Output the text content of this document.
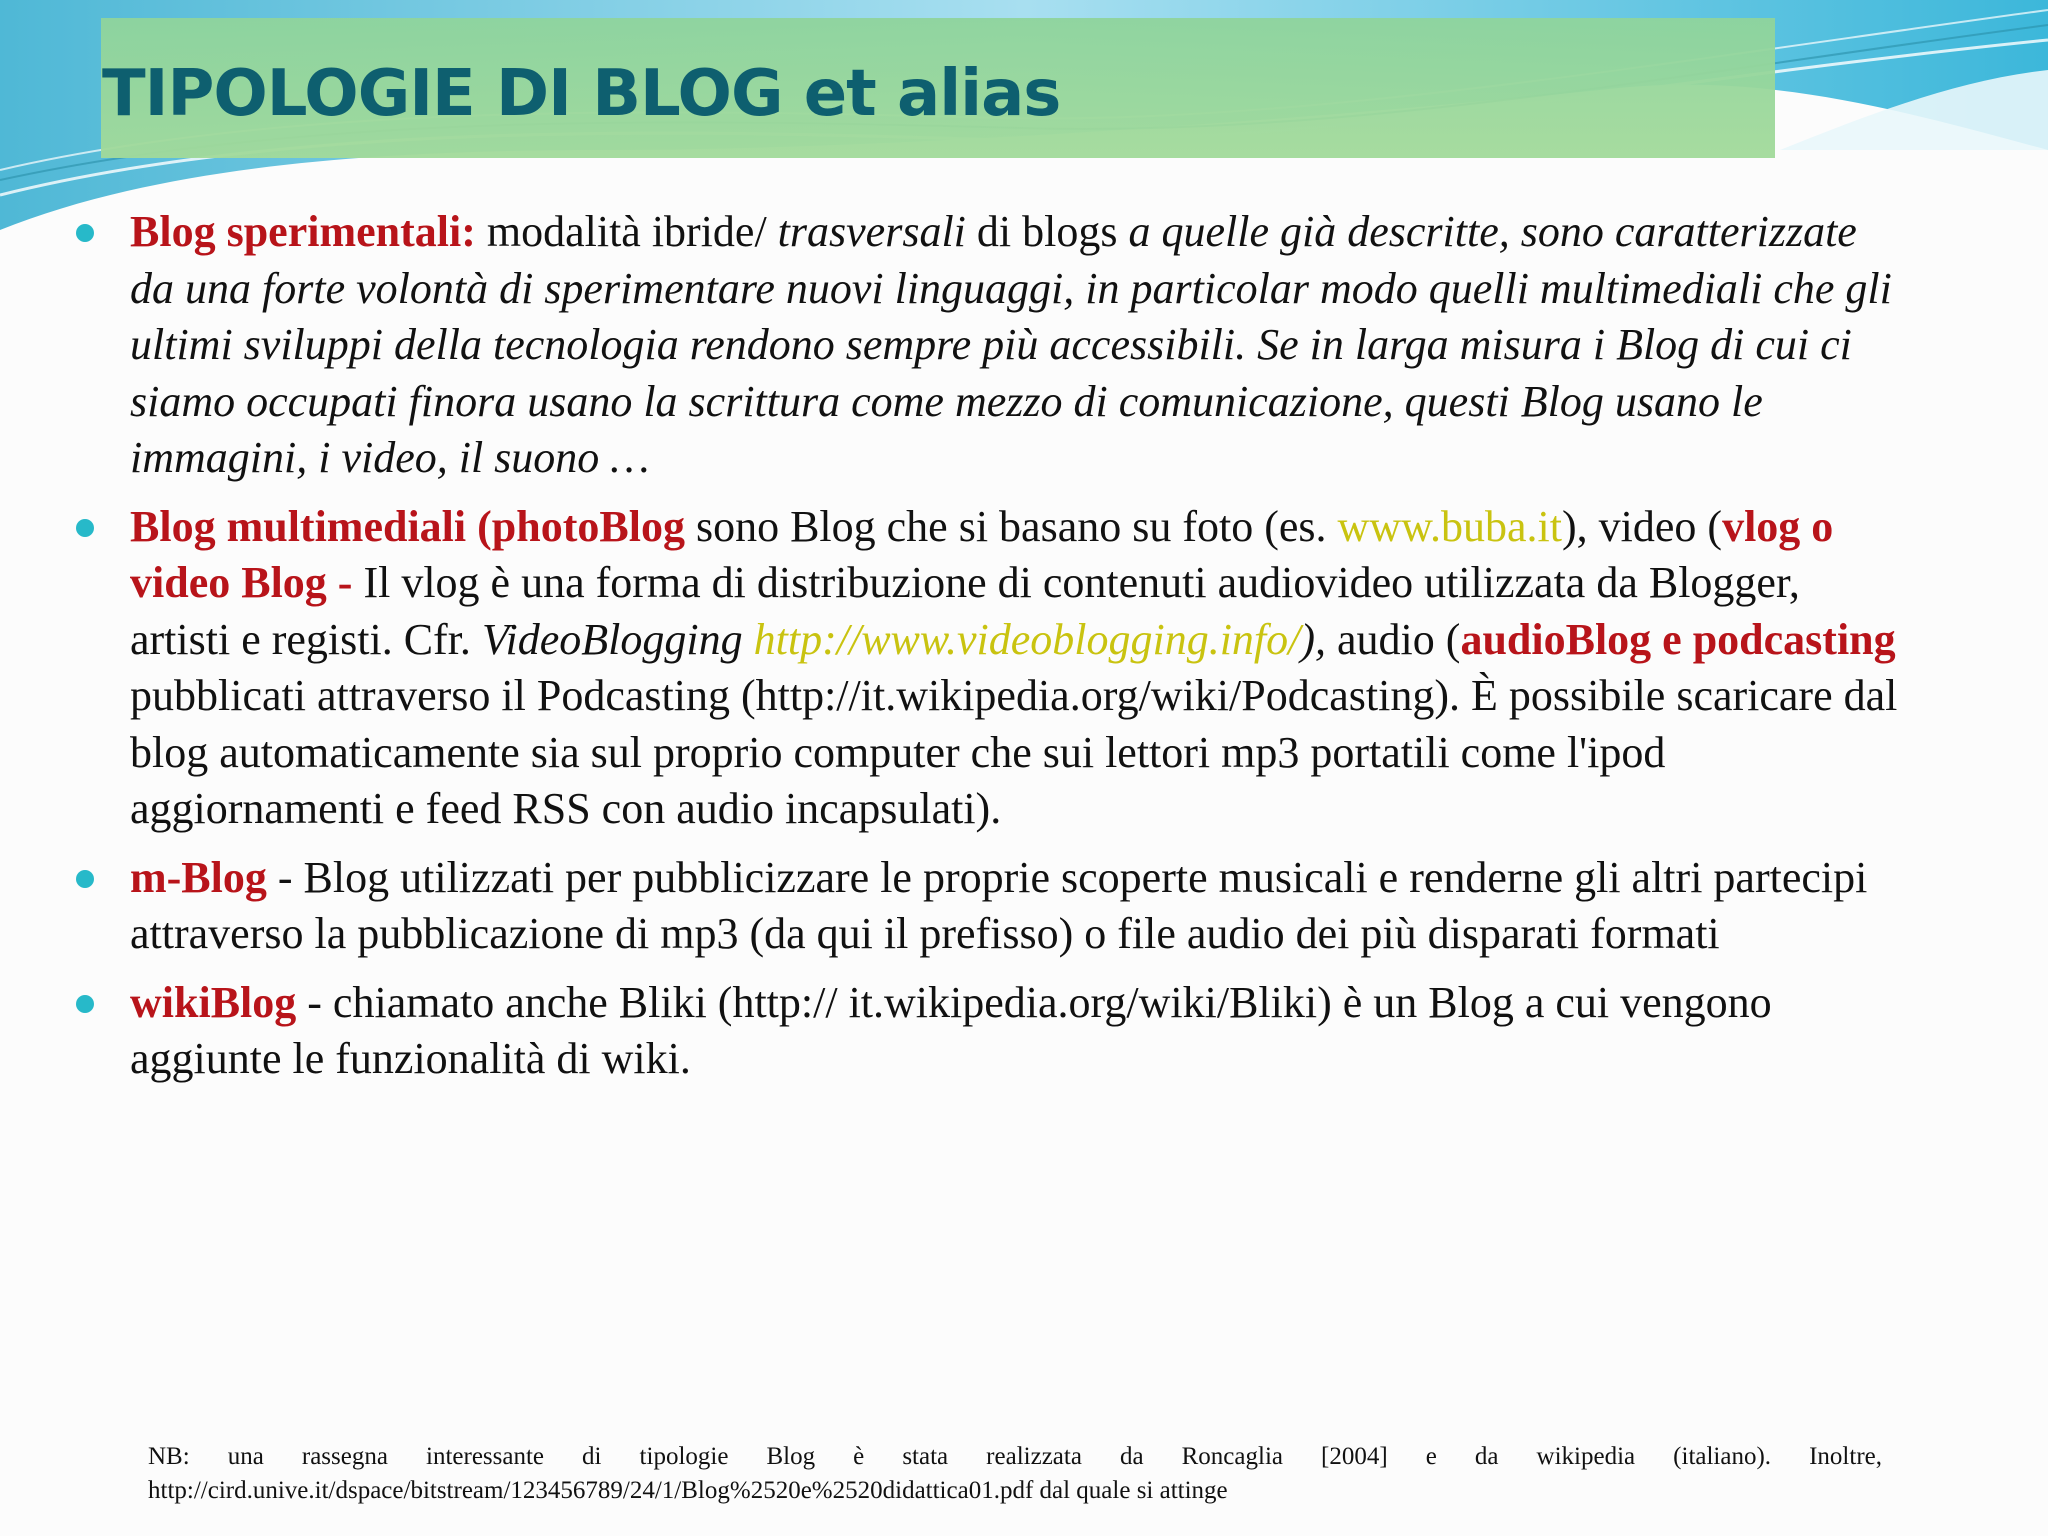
TIPOLOGIE DI BLOG et alias

Blog sperimentali: modalità ibride/ trasversali di blogs a quelle già descritte, sono caratterizzate da una forte volontà di sperimentare nuovi linguaggi, in particolar modo quelli multimediali che gli ultimi sviluppi della tecnologia rendono sempre più accessibili. Se in larga misura i Blog di cui ci siamo occupati finora usano la scrittura come mezzo di comunicazione, questi Blog usano le immagini, i video, il suono …

Blog multimediali (photoBlog sono Blog che si basano su foto (es. www.buba.it), video (vlog o video Blog - Il vlog è una forma di distribuzione di contenuti audiovideo utilizzata da Blogger, artisti e registi. Cfr. VideoBlogging http://www.videoblogging.info/), audio (audioBlog e podcasting pubblicati attraverso il Podcasting (http://it.wikipedia.org/wiki/Podcasting). È possibile scaricare dal blog automaticamente sia sul proprio computer che sui lettori mp3 portatili come l'ipod aggiornamenti e feed RSS con audio incapsulati).

m-Blog - Blog utilizzati per pubblicizzare le proprie scoperte musicali e renderne gli altri partecipi attraverso la pubblicazione di mp3 (da qui il prefisso) o file audio dei più disparati formati

wikiBlog - chiamato anche Bliki (http:// it.wikipedia.org/wiki/Bliki) è un Blog a cui vengono aggiunte le funzionalità di wiki.

NB: una rassegna interessante di tipologie Blog è stata realizzata da Roncaglia [2004] e da wikipedia (italiano). Inoltre, http://cird.unive.it/dspace/bitstream/123456789/24/1/Blog%2520e%2520didattica01.pdf dal quale si attinge
